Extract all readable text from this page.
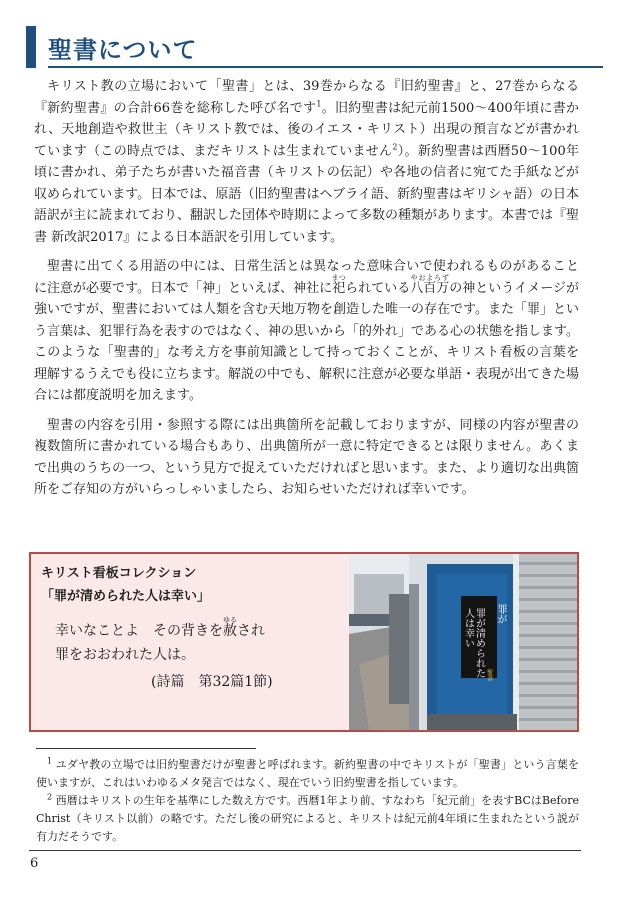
聖書について

キリスト教の立場において「聖書」とは、39巻からなる『旧約聖書』と、27巻からなる『新約聖書』の合計66巻を総称した呼び名です$^1$。旧約聖書は紀元前1500～400年頃に書かれ、天地創造や救世主（キリスト教では、後のイエス・キリスト）出現の預言などが書かれています（この時点では、まだキリストは生まれていません$^2$）。新約聖書は西暦50～100年頃に書かれ、弟子たちが書いた福音書（キリストの伝記）や各地の信者に宛てた手紙などが収められています。日本では、原語（旧約聖書はヘブライ語、新約聖書はギリシャ語）の日本語訳が主に読まれており、翻訳した団体や時期によって多数の種類があります。本書では『聖書 新改訳2017』による日本語訳を引用しています。

聖書に出てくる用語の中には、日常生活とは異なった意味合いで使われるものがあることに注意が必要です。日本で「神」といえば、神社に祀まつられている八百万やおよろずの神というイメージが強いですが、聖書においては人類を含む天地万物を創造した唯一の存在です。また「罪」という言葉は、犯罪行為を表すのではなく、神の思いから「的外れ」である心の状態を指します。このような「聖書的」な考え方を事前知識として持っておくことが、キリスト看板の言葉を理解するうえでも役に立ちます。解説の中でも、解釈に注意が必要な単語・表現が出てきた場合には都度説明を加えます。

聖書の内容を引用・参照する際には出典箇所を記載しておりますが、同様の内容が聖書の複数箇所に書かれている場合もあり、出典箇所が一意に特定できるとは限りません。あくまで出典のうちの一つ、という見方で捉えていただければと思います。また、より適切な出典箇所をご存知の方がいらっしゃいましたら、お知らせいただければ幸いです。

キリスト看板コレクション
「罪が清められた人は幸い」
幸いなことよ　その背きを赦ゆるされ
罪をおおわれた人は。
(詩篇　第32篇1節)
罪が
罪が清められた
人は幸い
聖書

$^1$ ユダヤ教の立場では旧約聖書だけが聖書と呼ばれます。新約聖書の中でキリストが「聖書」という言葉を使いますが、これはいわゆるメタ発言ではなく、現在でいう旧約聖書を指しています。

$^2$ 西暦はキリストの生年を基準にした数え方です。西暦1年より前、すなわち「紀元前」を表すBCはBefore Christ（キリスト以前）の略です。ただし後の研究によると、キリストは紀元前4年頃に生まれたという説が有力だそうです。

6
